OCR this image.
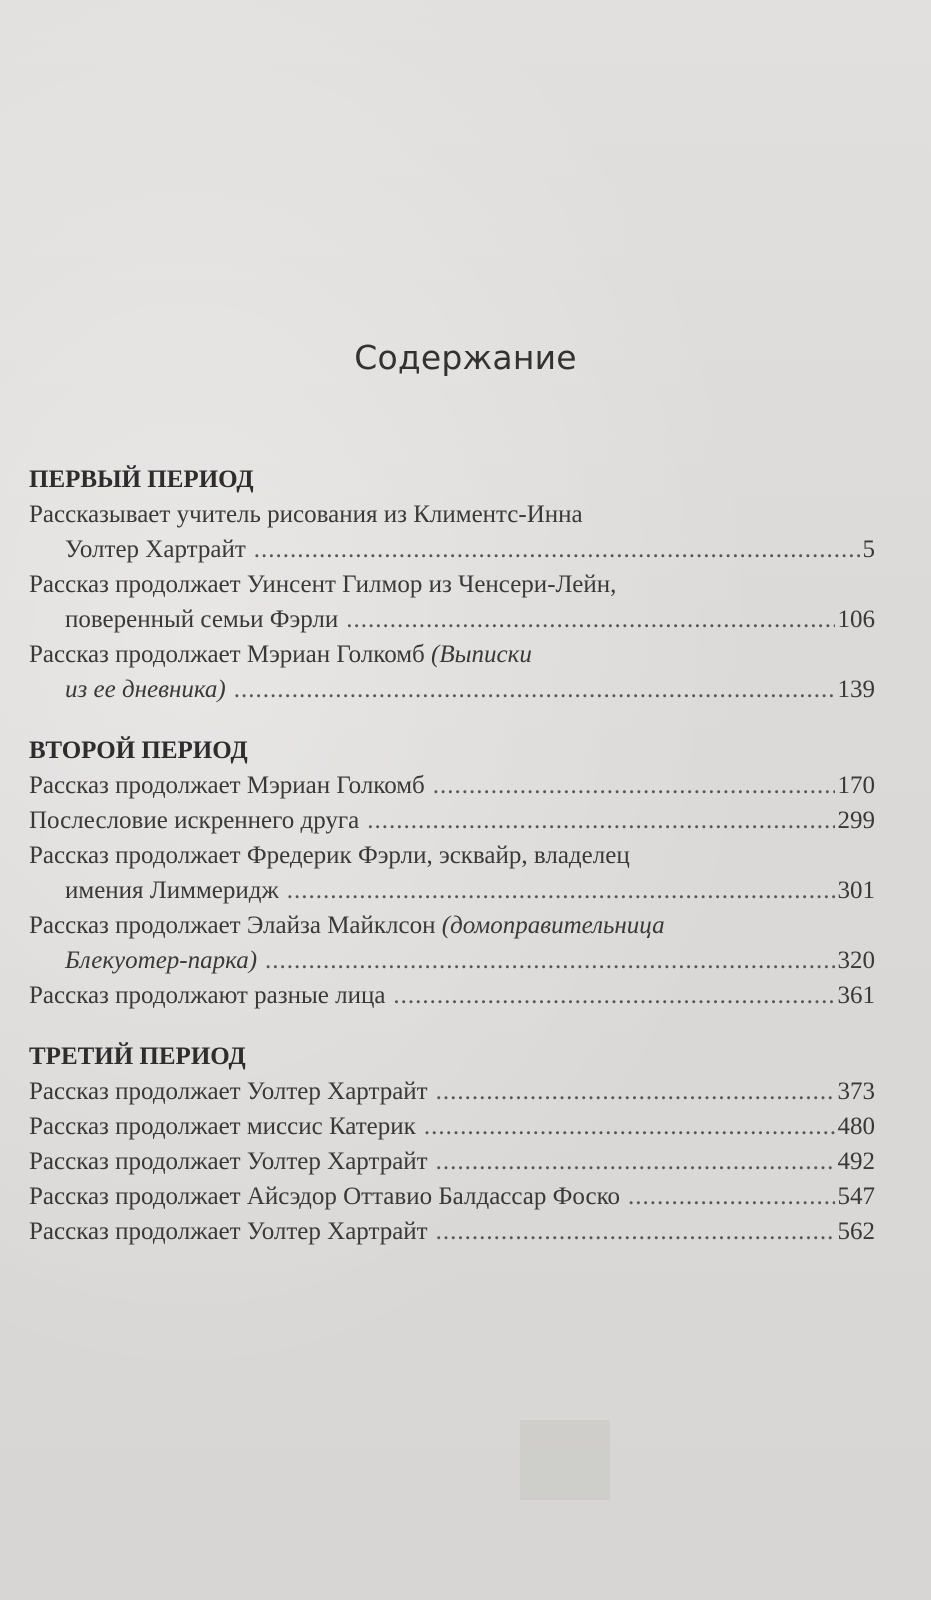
Содержание
ПЕРВЫЙ ПЕРИОД
Рассказывает учитель рисования из Климентс-Инна
Уолтер Хартрайт .....	5
Рассказ продолжает Уинсент Гилмор из Ченсери-Лейн,
поверенный семьи Фэрли .....	106
Рассказ продолжает Мэриан Голкомб (Выписки
из ее дневника) .....	139
ВТОРОЙ ПЕРИОД
Рассказ продолжает Мэриан Голкомб .....	170
Послесловие искреннего друга .....	299
Рассказ продолжает Фредерик Фэрли, эсквайр, владелец
имения Лиммеридж .....	301
Рассказ продолжает Элайза Майклсон (домоправительница
Блекуотер-парка) .....	320
Рассказ продолжают разные лица .....	361
ТРЕТИЙ ПЕРИОД
Рассказ продолжает Уолтер Хартрайт .....	373
Рассказ продолжает миссис Катерик .....	480
Рассказ продолжает Уолтер Хартрайт .....	492
Рассказ продолжает Айсэдор Оттавио Балдассар Фоско .....	547
Рассказ продолжает Уолтер Хартрайт .....	562
